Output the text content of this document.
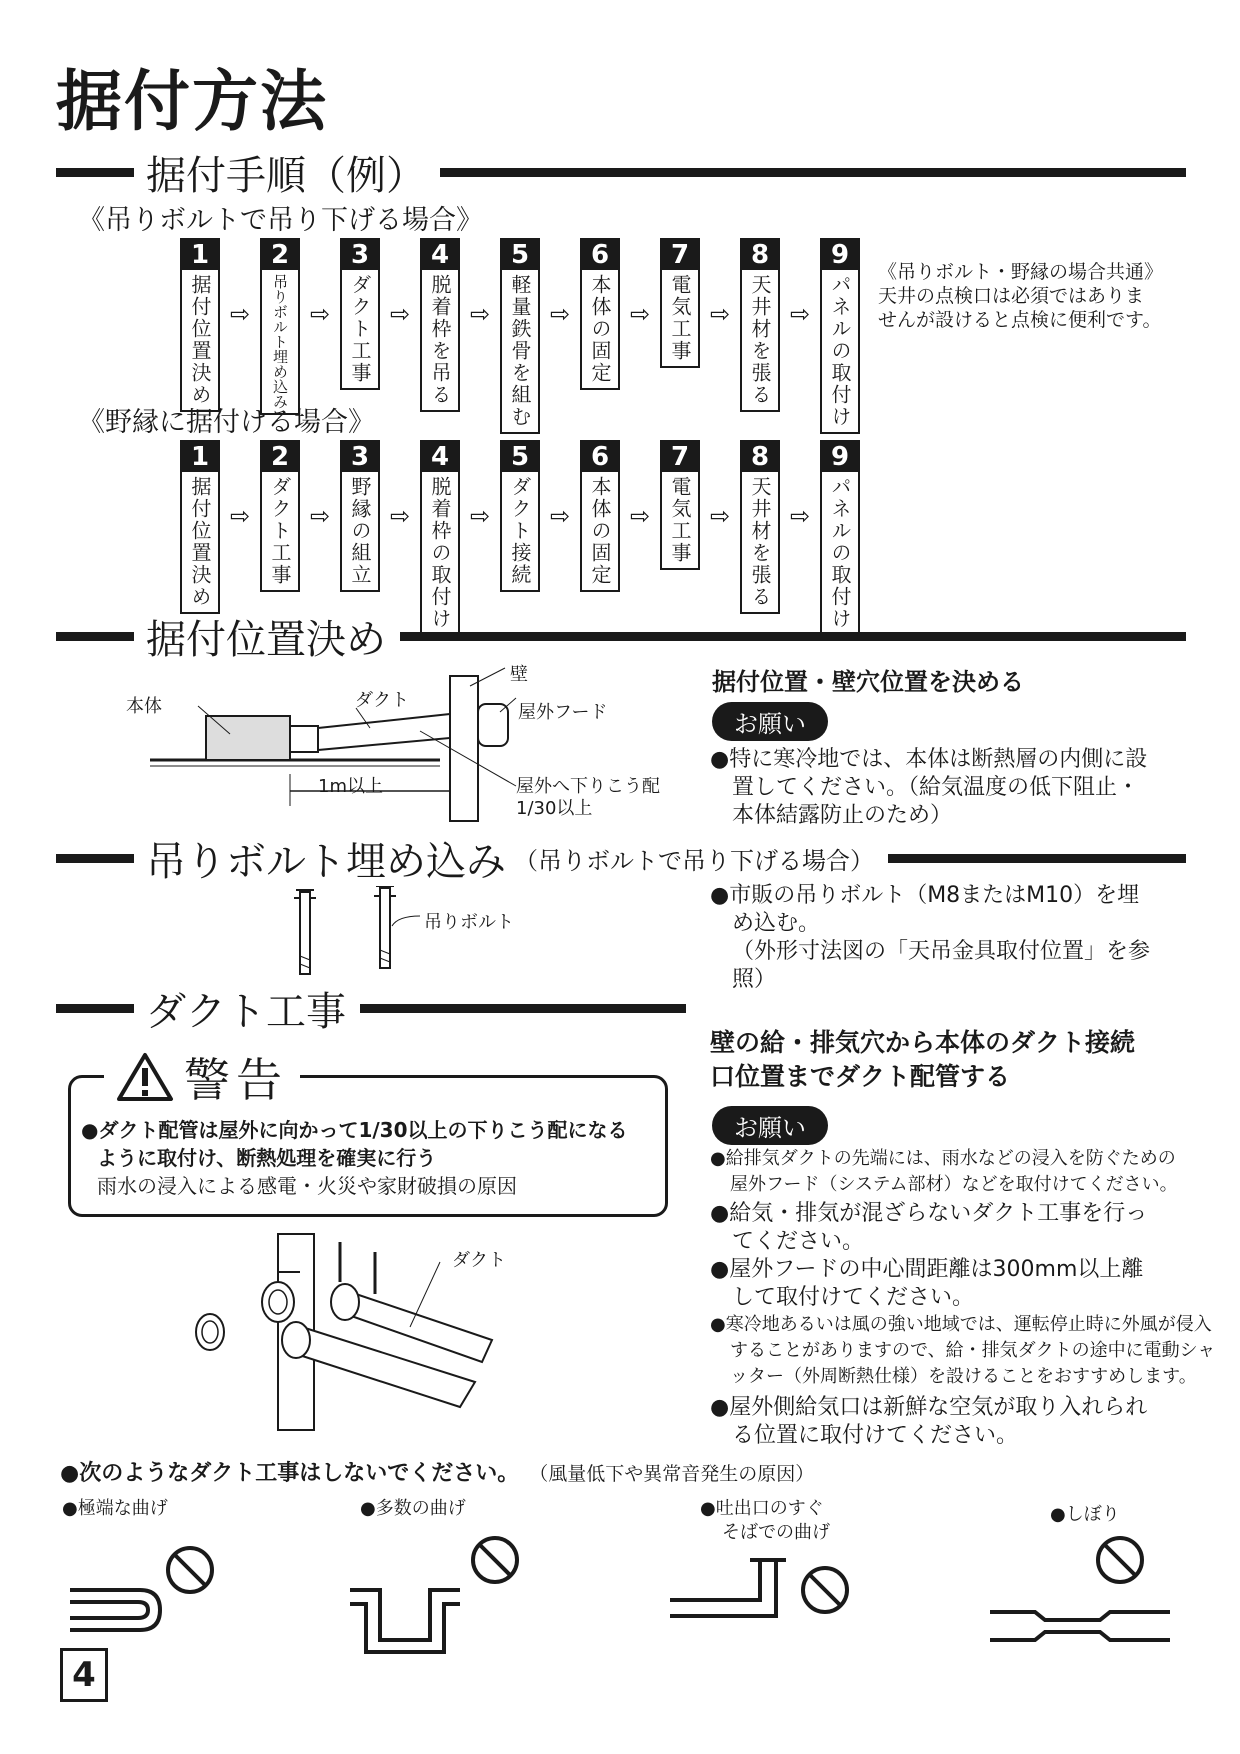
据付方法
据付手順（例）
《吊りボルトで吊り下げる場合》
1
据付位置決め ⇨
2
吊りボルト埋め込み ⇨
3
ダクト工事 ⇨
4
脱着枠を吊る ⇨
5
軽量鉄骨を組む ⇨
6
本体の固定 ⇨
7
電気工事 ⇨
8
天井材を張る ⇨
9
パネルの取付け
《吊りボルト・野縁の場合共通》
天井の点検口は必須ではありま
せんが設けると点検に便利です。
《野縁に据付ける場合》
1
据付位置決め ⇨
2
ダクト工事 ⇨
3
野縁の組立 ⇨
4
脱着枠の取付け ⇨
5
ダクト接続 ⇨
6
本体の固定 ⇨
7
電気工事 ⇨
8
天井材を張る ⇨
9
パネルの取付け
据付位置決め
本体	ダクト
壁
屋外フード
1m以上	屋外へ下りこう配
1/30以上
据付位置・壁穴位置を決める
お願い
●特に寒冷地では、本体は断熱層の内側に設
置してください。（給気温度の低下阻止・
本体結露防止のため）
吊りボルト埋め込み （吊りボルトで吊り下げる場合）
吊りボルト
●市販の吊りボルト（M8またはM10）を埋
め込む。
（外形寸法図の「天吊金具取付位置」を参
照）
ダクト工事
●ダクト配管は屋外に向かって1/30以上の下りこう配になる
ように取付け、断熱処理を確実に行う
雨水の浸入による感電・火災や家財破損の原因
警告
ダクト
壁の給・排気穴から本体のダクト接続
口位置までダクト配管する
お願い
●給排気ダクトの先端には、雨水などの浸入を防ぐための
屋外フード（システム部材）などを取付けてください。
●給気・排気が混ざらないダクト工事を行っ
てください。
●屋外フードの中心間距離は300mm以上離
して取付けてください。
●寒冷地あるいは風の強い地域では、運転停止時に外風が侵入
することがありますので、給・排気ダクトの途中に電動シャ
ッター（外周断熱仕様）を設けることをおすすめします。
●屋外側給気口は新鮮な空気が取り入れられ
る位置に取付けてください。
●次のようなダクト工事はしないでください。 （風量低下や異常音発生の原因）
●極端な曲げ	●多数の曲げ	●吐出口のすぐ
そばでの曲げ
●しぼり
4
